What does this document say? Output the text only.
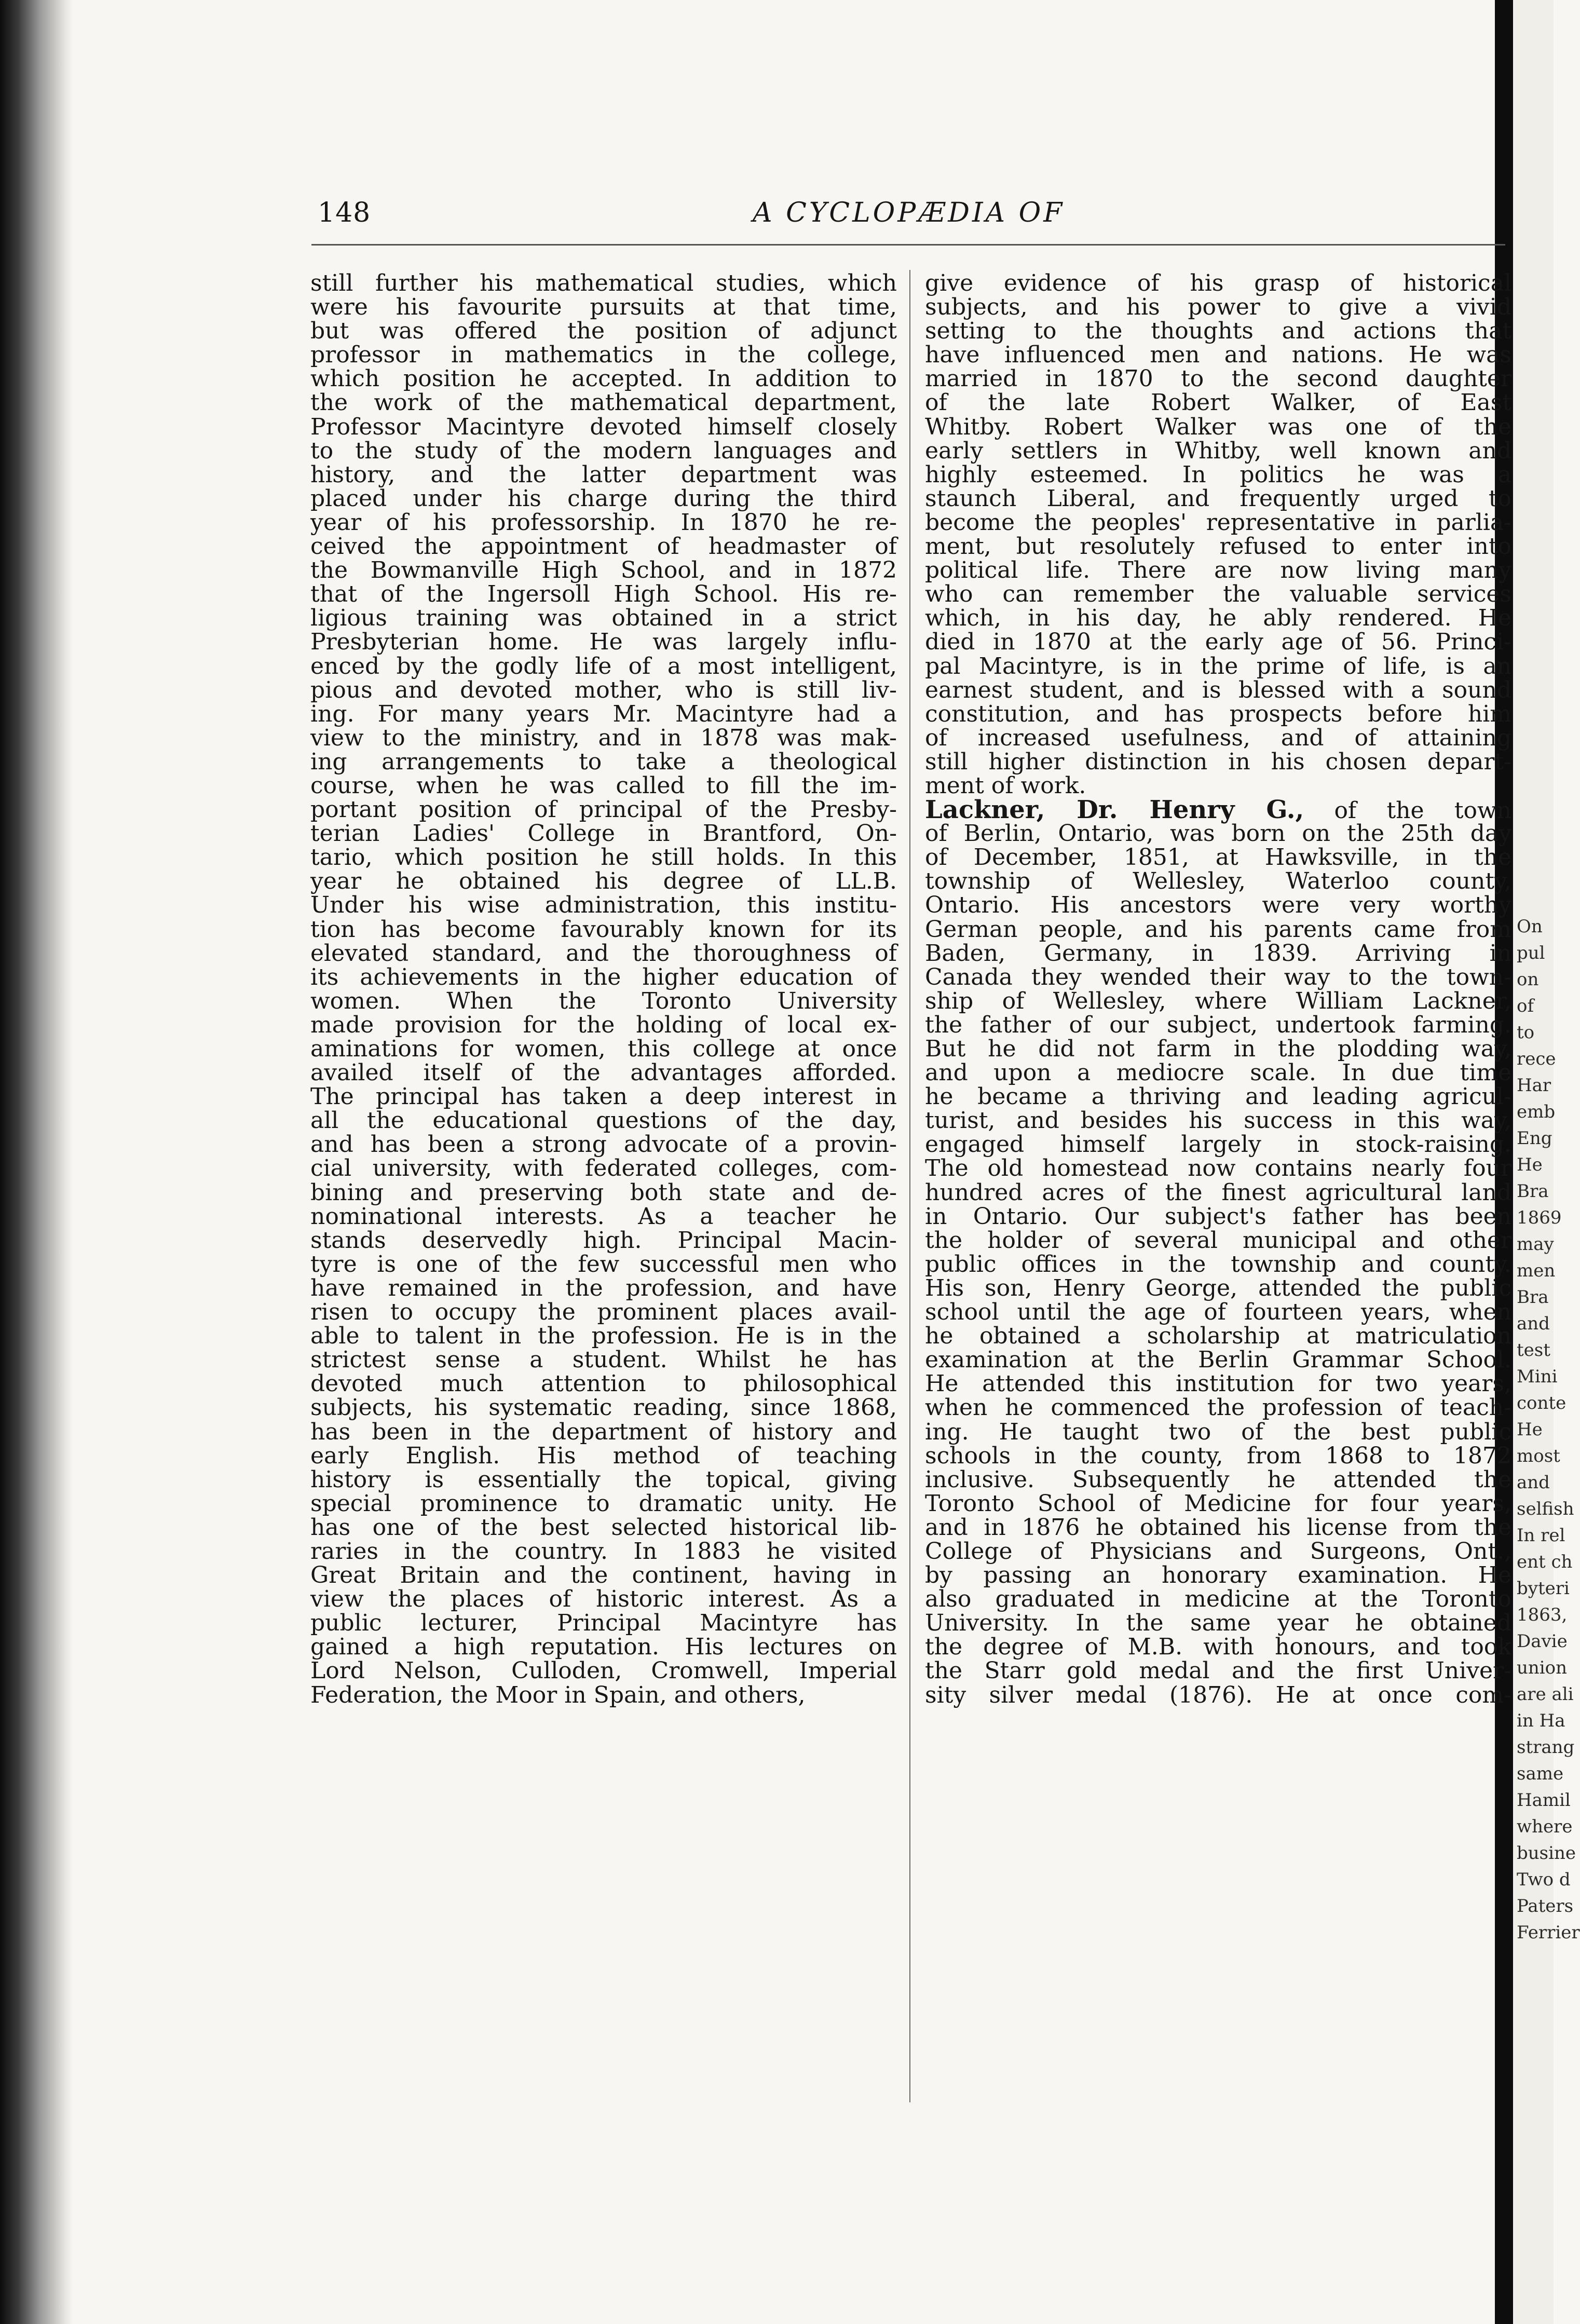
On
pul
on
of
to
rece
Har
emb
Eng
He
Bra
1869
may
men
Bra
and
test
Mini
conte
He
most
and
selfish
In rel
ent ch
byteri
1863,
Davie
union
are ali
in Ha
strang
same
Hamil
where
busine
Two d
Paters
Ferrier
148	A CYCLOPÆDIA OF
still further his mathematical studies, which
were his favourite pursuits at that time,
but was offered the position of adjunct
professor in mathematics in the college,
which position he accepted. In addition to
the work of the mathematical department,
Professor Macintyre devoted himself closely
to the study of the modern languages and
history, and the latter department was
placed under his charge during the third
year of his professorship. In 1870 he re-
ceived the appointment of headmaster of
the Bowmanville High School, and in 1872
that of the Ingersoll High School. His re-
ligious training was obtained in a strict
Presbyterian home. He was largely influ-
enced by the godly life of a most intelligent,
pious and devoted mother, who is still liv-
ing. For many years Mr. Macintyre had a
view to the ministry, and in 1878 was mak-
ing arrangements to take a theological
course, when he was called to fill the im-
portant position of principal of the Presby-
terian Ladies' College in Brantford, On-
tario, which position he still holds. In this
year he obtained his degree of LL.B.
Under his wise administration, this institu-
tion has become favourably known for its
elevated standard, and the thoroughness of
its achievements in the higher education of
women. When the Toronto University
made provision for the holding of local ex-
aminations for women, this college at once
availed itself of the advantages afforded.
The principal has taken a deep interest in
all the educational questions of the day,
and has been a strong advocate of a provin-
cial university, with federated colleges, com-
bining and preserving both state and de-
nominational interests. As a teacher he
stands deservedly high. Principal Macin-
tyre is one of the few successful men who
have remained in the profession, and have
risen to occupy the prominent places avail-
able to talent in the profession. He is in the
strictest sense a student. Whilst he has
devoted much attention to philosophical
subjects, his systematic reading, since 1868,
has been in the department of history and
early English. His method of teaching
history is essentially the topical, giving
special prominence to dramatic unity. He
has one of the best selected historical lib-
raries in the country. In 1883 he visited
Great Britain and the continent, having in
view the places of historic interest. As a
public lecturer, Principal Macintyre has
gained a high reputation. His lectures on
Lord Nelson, Culloden, Cromwell, Imperial
Federation, the Moor in Spain, and others,
give evidence of his grasp of historical
subjects, and his power to give a vivid
setting to the thoughts and actions that
have influenced men and nations. He was
married in 1870 to the second daughter
of the late Robert Walker, of East
Whitby. Robert Walker was one of the
early settlers in Whitby, well known and
highly esteemed. In politics he was a
staunch Liberal, and frequently urged to
become the peoples' representative in parlia-
ment, but resolutely refused to enter into
political life. There are now living many
who can remember the valuable services
which, in his day, he ably rendered. He
died in 1870 at the early age of 56. Princi-
pal Macintyre, is in the prime of life, is an
earnest student, and is blessed with a sound
constitution, and has prospects before him
of increased usefulness, and of attaining
still higher distinction in his chosen depart-
ment of work.
Lackner, Dr. Henry G., of the town
of Berlin, Ontario, was born on the 25th day
of December, 1851, at Hawksville, in the
township of Wellesley, Waterloo county,
Ontario. His ancestors were very worthy
German people, and his parents came from
Baden, Germany, in 1839. Arriving in
Canada they wended their way to the town-
ship of Wellesley, where William Lackner,
the father of our subject, undertook farming.
But he did not farm in the plodding way,
and upon a mediocre scale. In due time
he became a thriving and leading agricul-
turist, and besides his success in this way,
engaged himself largely in stock-raising.
The old homestead now contains nearly four
hundred acres of the finest agricultural land
in Ontario. Our subject's father has been
the holder of several municipal and other
public offices in the township and county.
His son, Henry George, attended the public
school until the age of fourteen years, when
he obtained a scholarship at matriculation
examination at the Berlin Grammar School.
He attended this institution for two years,
when he commenced the profession of teach-
ing. He taught two of the best public
schools in the county, from 1868 to 1872
inclusive. Subsequently he attended the
Toronto School of Medicine for four years,
and in 1876 he obtained his license from the
College of Physicians and Surgeons, Ont.,
by passing an honorary examination. He
also graduated in medicine at the Toronto
University. In the same year he obtained
the degree of M.B. with honours, and took
the Starr gold medal and the first Univer-
sity silver medal (1876). He at once com-
